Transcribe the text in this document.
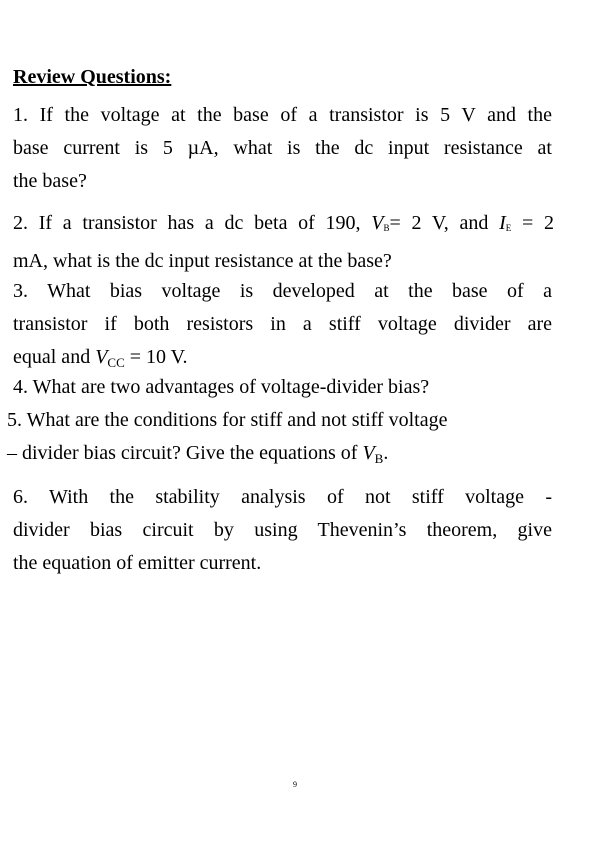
Review Questions:
1. If the voltage at the base of a transistor is 5 V and the
base current is 5 µA, what is the dc input resistance at
the base?
2. If a transistor has a dc beta of 190, $V_B= 2$ V, and $I_E = 2$
mA, what is the dc input resistance at the base?
3. What bias voltage is developed at the base of a
transistor if both resistors in a stiff voltage divider are
equal and $V_{CC} = 10$ V.
4. What are two advantages of voltage-divider bias?
5. What are the conditions for stiff and not stiff voltage
– divider bias circuit? Give the equations of $V_B$.
6. With the stability analysis of not stiff voltage -
divider bias circuit by using Thevenin’s theorem, give
the equation of emitter current.
9
